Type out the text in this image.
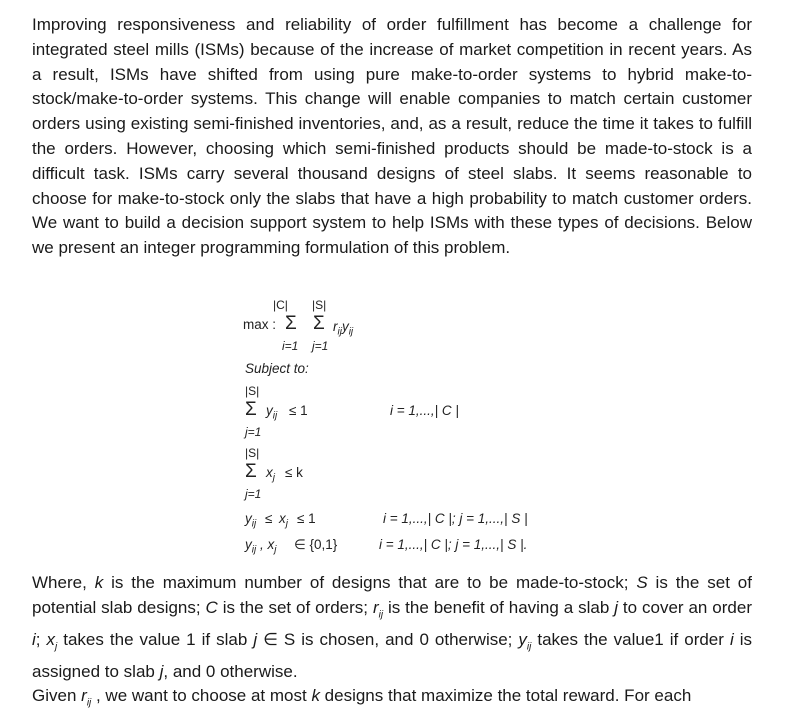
Improving responsiveness and reliability of order fulfillment has become a challenge for integrated steel mills (ISMs) because of the increase of market competition in recent years. As a result, ISMs have shifted from using pure make-to-order systems to hybrid make-to-stock/make-to-order systems. This change will enable companies to match certain customer orders using existing semi-finished inventories, and, as a result, reduce the time it takes to fulfill the orders. However, choosing which semi-finished products should be made-to-stock is a difficult task. ISMs carry several thousand designs of steel slabs. It seems reasonable to choose for make-to-stock only the slabs that have a high probability to match customer orders. We want to build a decision support system to help ISMs with these types of decisions. Below we present an integer programming formulation of this problem.

|C| |S|
max : Σ Σ $r_{ij}y_{ij}$
i=1 j=1
Subject to:
|S|
Σ $y_{ij} \le 1$	i = 1,...,| C |
j=1
|S|
Σ $x_j \le k$
j=1
$y_{ij} \le x_j \le 1$	i = 1,...,| C |; j = 1,...,| S |
$y_{ij}$ , $x_j$ ∈ {0,1}	i = 1,...,| C |; j = 1,...,| S |.

Where, k is the maximum number of designs that are to be made-to-stock; S is the set of potential slab designs; C is the set of orders; $r_{ij}$ is the benefit of having a slab j to cover an order i; $x_j$ takes the value 1 if slab j ∈ S is chosen, and 0 otherwise; $y_{ij}$ takes the value1 if order i is assigned to slab j, and 0 otherwise.

Given $r_{ij}$ , we want to choose at most k designs that maximize the total reward. For each
